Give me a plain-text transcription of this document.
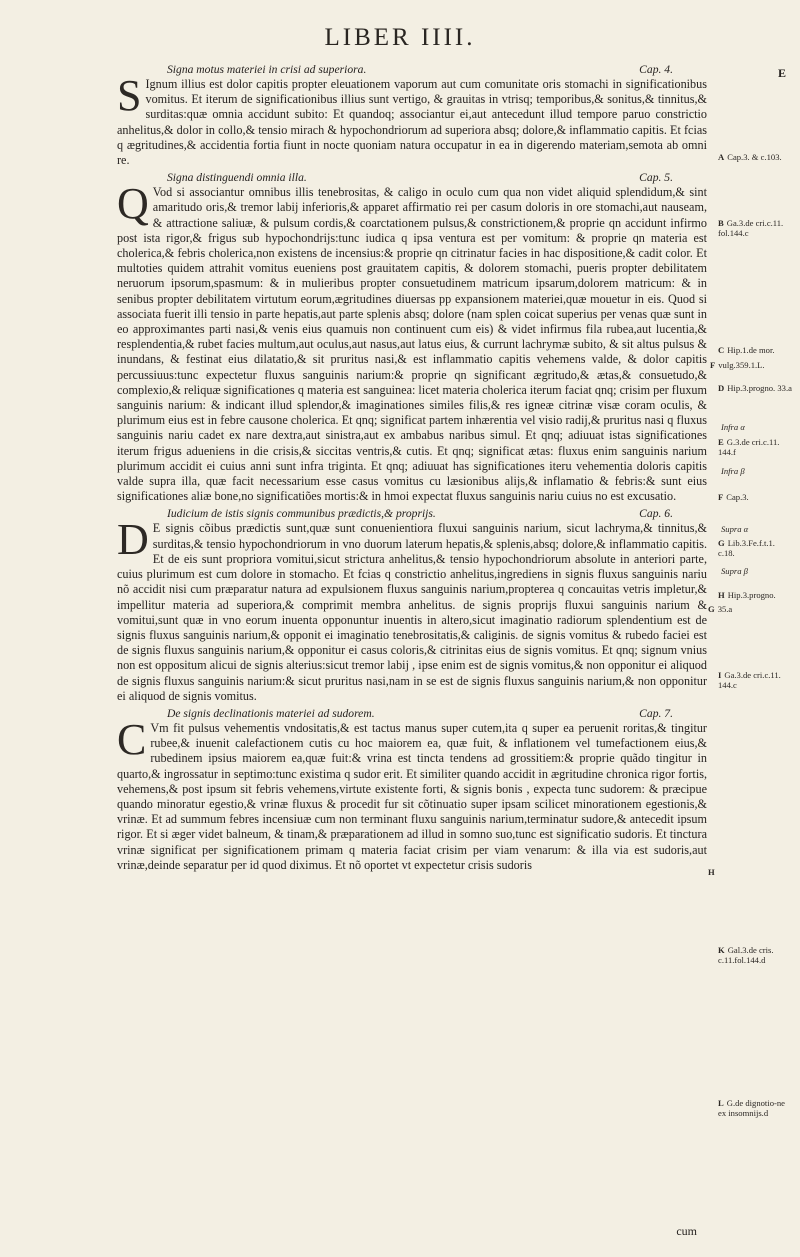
LIBER IIII.
E
Signa motus materiei in crisi ad superiora.	Cap. 4.

S Ignum illius est dolor capitis propter eleuationem vaporum aut cum comunitate oris stomachi in significationibus vomitus. Et iterum de significationibus illius sunt vertigo, & grauitas in vtrisq; temporibus,& sonitus,& tinnitus,& surditas:quæ omnia accidunt subito: Et quandoq; associantur ei,aut antecedunt illud tempore paruo constrictio anhelitus,& dolor in collo,& tensio mirach & hypochondriorum ad superiora absq; dolore,& inflammatio capitis. Et fcias q ægritudines,& accidentia fortia fiunt in nocte quoniam natura occupatur in ea in digerendo materiam,semota ab omni re.

Signa distinguendi omnia illa.	Cap. 5.

Q Vod si associantur omnibus illis tenebrositas, & caligo in oculo cum qua non videt aliquid splendidum,& sint amaritudo oris,& tremor labij inferioris,& apparet affirmatio rei per casum doloris in ore stomachi,aut nauseam, & attractione saliuæ, & pulsum cordis,& coarctationem pulsus,& constrictionem,& proprie qn accidunt infirmo post ista rigor,& frigus sub hypochondrijs:tunc iudica q ipsa ventura est per vomitum: & proprie qn materia est cholerica,& febris cholerica,non existens de incensius:& proprie qn citrinatur facies in hac dispositione,& cadit color. Et multoties quidem attrahit vomitus eueniens post grauitatem capitis, & dolorem stomachi, pueris propter debilitatem neruorum ipsorum,spasmum: & in mulieribus propter consuetudinem matricum ipsarum,dolorem matricum: & in senibus propter debilitatem virtutum eorum,ægritudines diuersas pp expansionem materiei,quæ mouetur in eis. Quod si associata fuerit illi tensio in parte hepatis,aut parte splenis absq; dolore (nam splen coicat superius per venas quæ sunt in eo approximantes parti nasi,& venis eius quamuis non continuent cum eis) & videt infirmus fila rubea,aut lucentia,& resplendentia,& rubet facies multum,aut oculus,aut nasus,aut latus eius, & currunt lachrymæ subito, & sit altus pulsus & inundans, & festinat eius dilatatio,& sit pruritus nasi,& est inflammatio capitis vehemens valde, & dolor capitis percussiuus:tunc expectetur fluxus sanguinis narium:& proprie qn significant ægritudo,& ætas,& consuetudo,& complexio,& reliquæ significationes q materia est sanguinea: licet materia cholerica iterum faciat qnq; crisim per fluxum sanguinis narium: & indicant illud splendor,& imaginationes similes filis,& res igneæ citrinæ visæ coram oculis, & plurimum eius est in febre causone cholerica. Et qnq; significat partem inhærentia vel visio radij,& pruritus nasi q fluxus sanguinis nariu cadet ex nare dextra,aut sinistra,aut ex ambabus naribus simul. Et qnq; adiuuat istas significationes iterum frigus adueniens in die crisis,& siccitas ventris,& cutis. Et qnq; significat ætas: fluxus enim sanguinis narium plurimum accidit ei cuius anni sunt infra triginta. Et qnq; adiuuat has significationes iteru vehementia doloris capitis valde supra illa, quæ facit necessarium esse casus vomitus cu læsionibus alijs,& inflamatio & febris:& sunt eius significationes aliæ bone,no significatiões mortis:& in hmoi expectat fluxus sanguinis nariu cuius no est excusatio.

Iudicium de istis signis communibus prædictis,& proprijs.	Cap. 6.

D E signis cõibus prædictis sunt,quæ sunt conuenientiora fluxui sanguinis narium, sicut lachryma,& tinnitus,& surditas,& tensio hypochondriorum in vno duorum laterum hepatis,& splenis,absq; dolore,& inflammatio capitis. Et de eis sunt propriora vomitui,sicut strictura anhelitus,& tensio hypochondriorum absolute in anteriori parte, cuius plurimum est cum dolore in stomacho. Et fcias q constrictio anhelitus,ingrediens in signis fluxus sanguinis nariu nõ accidit nisi cum præparatur natura ad expulsionem fluxus sanguinis narium,propterea q concauitas vetris impletur,& impellitur materia ad superiora,& comprimit membra anhelitus. de signis proprijs fluxui sanguinis narium & vomitui,sunt quæ in vno eorum inuenta opponuntur inuentis in altero,sicut imaginatio radiorum splendentium est de signis fluxus sanguinis narium,& opponit ei imaginatio tenebrositatis,& caliginis. de signis vomitus & rubedo faciei est de signis fluxus sanguinis narium,& opponitur ei casus coloris,& citrinitas eius de signis vomitus. Et qnq; signum vnius non est oppositum alicui de signis alterius:sicut tremor labij , ipse enim est de signis vomitus,& non opponitur ei aliquod de signis fluxus sanguinis narium:& sicut pruritus nasi,nam in se est de signis fluxus sanguinis narium,& non opponitur ei aliquod de signis vomitus.

De signis declinationis materiei ad sudorem.	Cap. 7.

C Vm fit pulsus vehementis vndositatis,& est tactus manus super cutem,ita q super ea peruenit roritas,& tingitur rubee,& inuenit calefactionem cutis cu hoc maiorem ea, quæ fuit, & inflationem vel tumefactionem eius,& rubedinem ipsius maiorem ea,quæ fuit:& vrina est tincta tendens ad grossitiem:& proprie quãdo tingitur in quarto,& ingrossatur in septimo:tunc existima q sudor erit. Et similiter quando accidit in ægritudine chronica rigor fortis, vehemens,& post ipsum sit febris vehemens,virtute existente forti, & signis bonis , expecta tunc sudorem: & præcipue quando minoratur egestio,& vrinæ fluxus & procedit fur sit cõtinuatio super ipsam scilicet minorationem egestionis,& vrinæ. Et ad summum febres incensiuæ cum non terminant fluxu sanguinis narium,terminatur sudore,& antecedit ipsum rigor. Et si æger videt balneum, & tinam,& præparationem ad illud in somno suo,tunc est significatio sudoris. Et tinctura vrinæ significat per significationem primam q materia faciat crisim per viam venarum: & illa via est sudoris,aut vrinæ,deinde separatur per id quod diximus. Et nõ oportet vt expectetur crisis sudoris

A Cap.3. & c.103.
B Ga.3.de cri.c.11. fol.144.c
C Hip.1.de mor.
F vulg.359.1.L.
D Hip.3.progno. 33.a
Infra α
E G.3.de cri.c.11. 144.f
Infra β
F Cap.3.
Supra α
G Lib.3.Fe.f.t.1. c.18.
Supra β
H Hip.3.progno.
G 35.a
I Ga.3.de cri.c.11. 144.c
H
K Gal.3.de cris. c.11.fol.144.d
L G.de dignotio-ne ex insomnijs.d
cum
